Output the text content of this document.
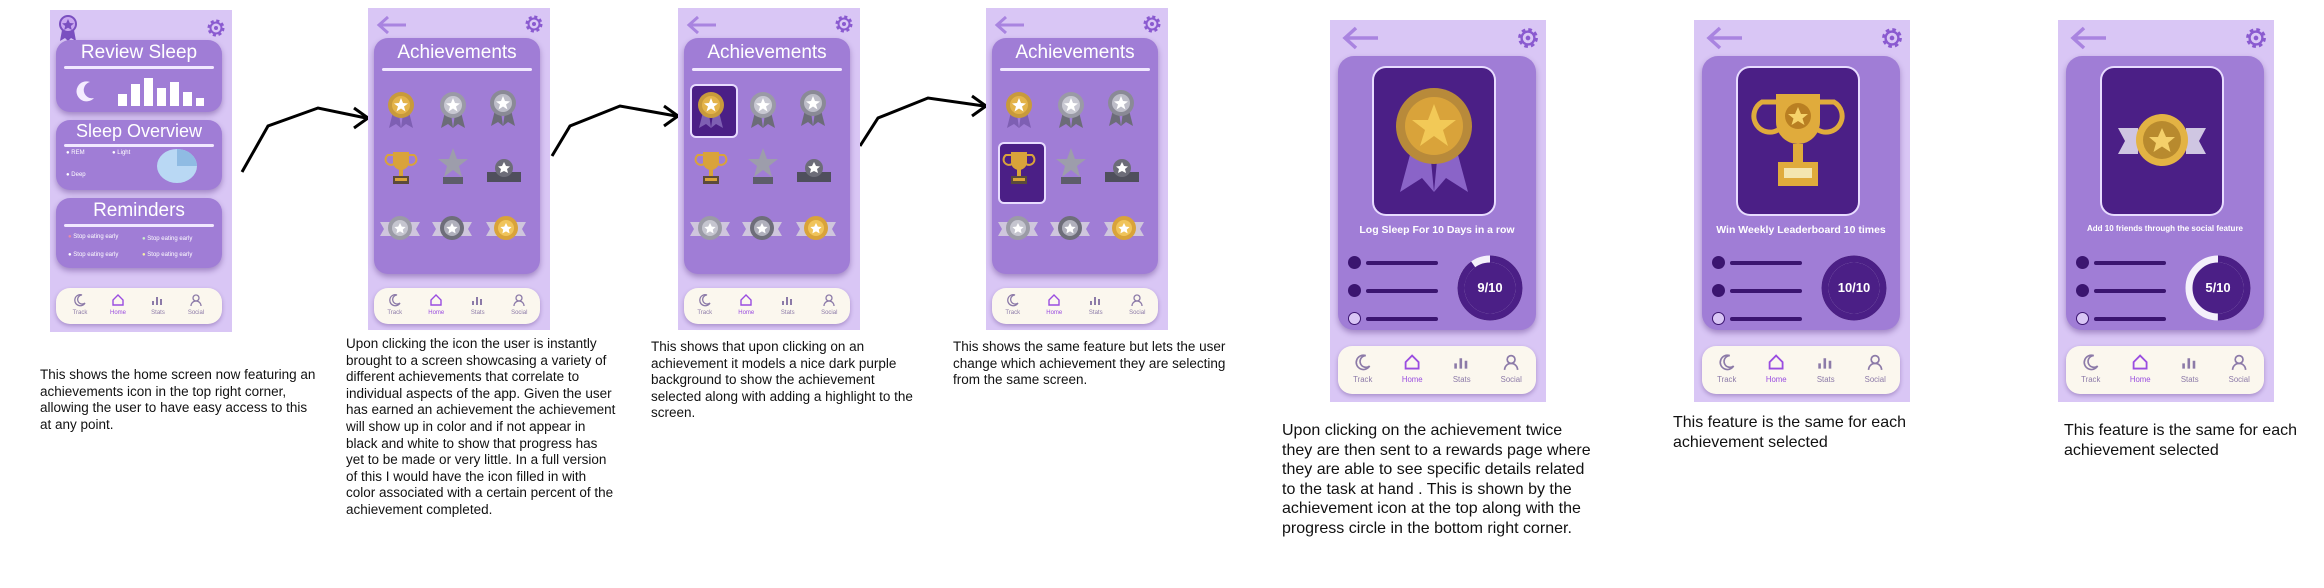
Review Sleep
Sleep Overview
● REM	● Light
● Deep
Reminders
● Stop eating early	● Stop eating early
● Stop eating early	● Stop eating early
Track	Home	Stats	Social
Achievements
Track	Home	Stats	Social
Achievements
Track	Home	Stats	Social
Achievements
Track	Home	Stats	Social
Log Sleep For 10 Days in a row
9/10
Track	Home	Stats	Social
Win Weekly Leaderboard 10 times
10/10
Track	Home	Stats	Social
Add 10 friends through the social feature
5/10
Track	Home	Stats	Social
This shows the home screen now featuring an achievements icon in the top right corner, allowing the user to have easy access to this at any point.
Upon clicking the icon the user is instantly brought to a screen showcasing a variety of different achievements that correlate to individual aspects of the app. Given the user has earned an achievement the achievement will show up in color and if not appear in black and white to show that progress has yet to be made or very little. In a full version of this I would have the icon filled in with color associated with a certain percent of the achievement completed.
This shows that upon clicking on an achievement it models a nice dark purple background to show the achievement selected along with adding a highlight to the screen.
This shows the same feature but lets the user change which achievement they are selecting from the same screen.
Upon clicking on the achievement twice they are then sent to a rewards page where they are able to see specific details related to the task at hand . This is shown by the achievement icon at the top along with the progress circle in the bottom right corner.
This feature is the same for each achievement selected
This feature is the same for each achievement selected
